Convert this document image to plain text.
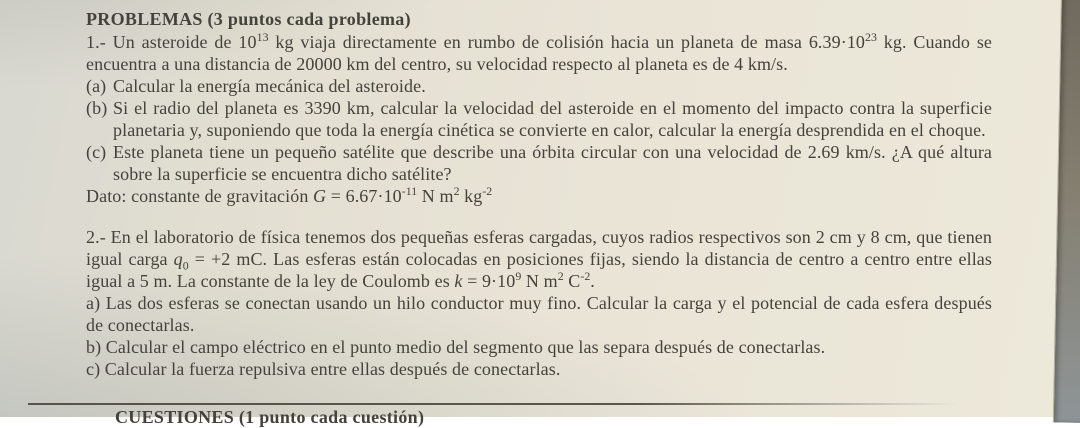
PROBLEMAS (3 puntos cada problema)

1.- Un asteroide de $10^{13}$ kg viaja directamente en rumbo de colisión hacia un planeta de masa $6.39\cdot 10^{23}$ kg. Cuando se encuentra a una distancia de 20000 km del centro, su velocidad respecto al planeta es de 4 km/s.

(a) Calcular la energía mecánica del asteroide.
(b) Si el radio del planeta es 3390 km, calcular la velocidad del asteroide en el momento del impacto contra la superficie planetaria y, suponiendo que toda la energía cinética se convierte en calor, calcular la energía desprendida en el choque.
(c) Este planeta tiene un pequeño satélite que describe una órbita circular con una velocidad de 2.69 km/s. ¿A qué altura sobre la superficie se encuentra dicho satélite?

Dato: constante de gravitación $G = 6.67\cdot 10^{-11}$ N $m^2$ $kg^{-2}$

2.- En el laboratorio de física tenemos dos pequeñas esferas cargadas, cuyos radios respectivos son 2 cm y 8 cm, que tienen igual carga $q_0 = +2$ mC. Las esferas están colocadas en posiciones fijas, siendo la distancia de centro a centro entre ellas igual a 5 m. La constante de la ley de Coulomb es $k = 9\cdot 10^9$ N $m^2$ $C^{-2}$.

a) Las dos esferas se conectan usando un hilo conductor muy fino. Calcular la carga y el potencial de cada esfera después de conectarlas.

b) Calcular el campo eléctrico en el punto medio del segmento que las separa después de conectarlas.

c) Calcular la fuerza repulsiva entre ellas después de conectarlas.

CUESTIONES (1 punto cada cuestión)
